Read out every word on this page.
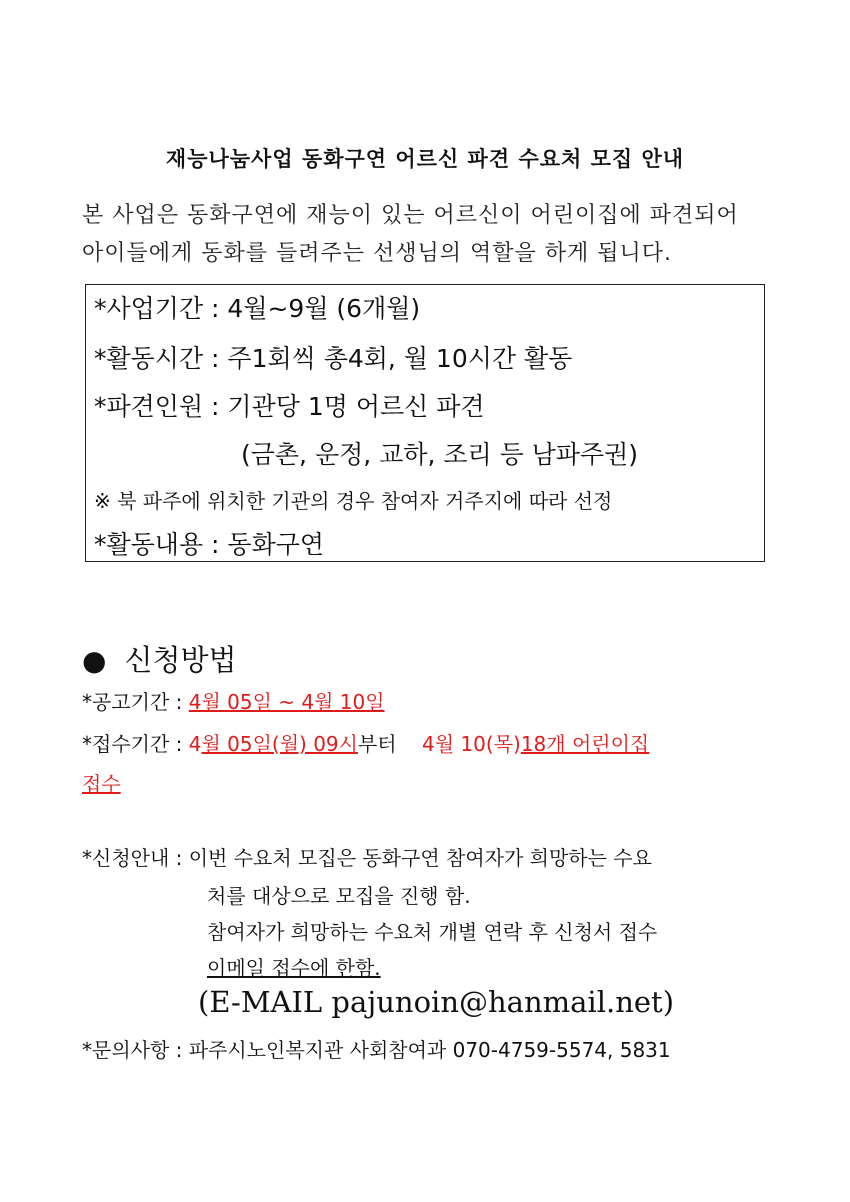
재능나눔사업 동화구연 어르신 파견 수요처 모집 안내
본 사업은 동화구연에 재능이 있는 어르신이 어린이집에 파견되어
아이들에게 동화를 들려주는 선생님의 역할을 하게 됩니다.
*사업기간 : 4월~9월 (6개월)
*활동시간 : 주1회씩 총4회, 월 10시간 활동
*파견인원 : 기관당 1명 어르신 파견
(금촌, 운정, 교하, 조리 등 남파주권)
※ 북 파주에 위치한 기관의 경우 참여자 거주지에 따라 선정
*활동내용 : 동화구연
● 신청방법
*공고기간 : 4월 05일 ~ 4월 10일
*접수기간 : 4월 05일(월) 09시부터 4월 10(목)18개 어린이집
접수
*신청안내 : 이번 수요처 모집은 동화구연 참여자가 희망하는 수요
처를 대상으로 모집을 진행 함.
참여자가 희망하는 수요처 개별 연락 후 신청서 접수
이메일 접수에 한함.
(E-MAIL pajunoin@hanmail.net)
*문의사항 : 파주시노인복지관 사회참여과 070-4759-5574, 5831
